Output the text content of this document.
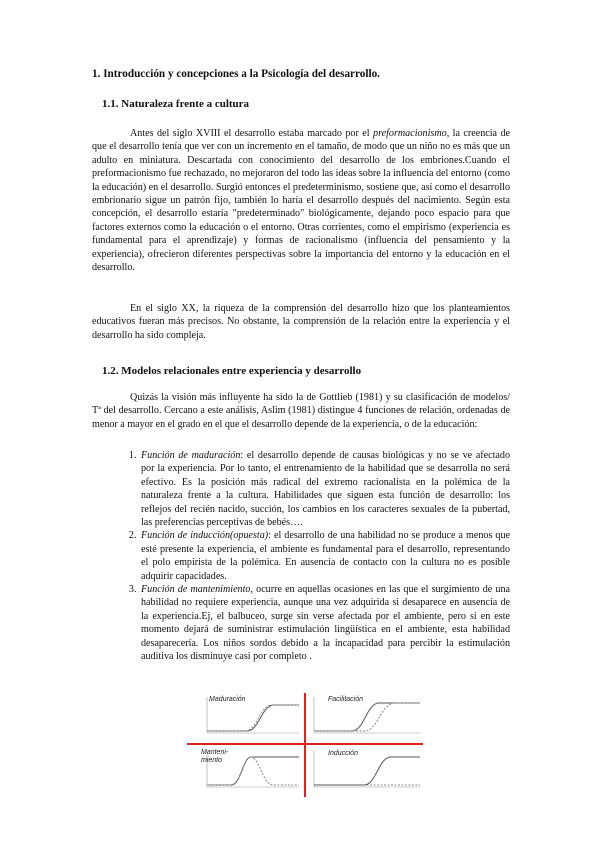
1. Introducción y concepciones a la Psicología del desarrollo.
1.1. Naturaleza frente a cultura

Antes del siglo XVIII el desarrollo estaba marcado por el preformacionismo, la creencia de que el desarrollo tenía que ver con un incremento en el tamaño, de modo que un niño no es más que un adulto en miniatura. Descartada con conocimiento del desarrollo de los embriones.Cuando el preformacionismo fue rechazado, no mejoraron del todo las ideas sobre la influencia del entorno (como la educación) en el desarrollo. Surgió entonces el predeterminismo, sostiene que, así como el desarrollo embrionario sigue un patrón fijo, también lo haría el desarrollo después del nacimiento. Según esta concepción, el desarrollo estaría "predeterminado" biológicamente, dejando poco espacio para que factores externos como la educación o el entorno. Otras corrientes, como el empirismo (experiencia es fundamental para el aprendizaje) y formas de racionalismo (influencia del pensamiento y la experiencia), ofrecieron diferentes perspectivas sobre la importancia del entorno y la educación en el desarrollo.

En el siglo XX, la riqueza de la comprensión del desarrollo hizo que los planteamientos educativos fueran más precisos. No obstante, la comprensión de la relación entre la experiencia y el desarrollo ha sido compleja.

1.2. Modelos relacionales entre experiencia y desarrollo

Quizás la visión más influyente ha sido la de Gottlieb (1981) y su clasificación de modelos/ Tª del desarrollo. Cercano a este análisis, Aslim (1981) distingue 4 funciones de relación, ordenadas de menor a mayor en el grado en el que el desarrollo depende de la experiencia, o de la educación:

1. Función de maduración: el desarrollo depende de causas biológicas y no se ve afectado por la experiencia. Por lo tanto, el entrenamiento de la habilidad que se desarrolla no será efectivo. Es la posición más radical del extremo racionalista en la polémica de la naturaleza frente a la cultura. Habilidades que siguen esta función de desarrollo: los reflejos del recién nacido, succión, los cambios en los caracteres sexuales de la pubertad, las preferencias perceptivas de bebés….
2. Función de inducción(opuesta): el desarrollo de una habilidad no se produce a menos que esté presente la experiencia, el ambiente es fundamental para el desarrollo, representando el polo empirista de la polémica. En ausencia de contacto con la cultura no es posible adquirir capacidades.
3. Función de mantenimiento, ocurre en aquellas ocasiones en las que el surgimiento de una habilidad no requiere experiencia, aunque una vez adquirida si desaparece en ausencia de la experiencia.Ej, el balbuceo, surge sin verse afectada por el ambiente, pero si en este momento dejará de suministrar estimulación lingüística en el ambiente, esta habilidad desaparecería. Los niños sordos debido a la incapacidad para percibir la estimulación auditiva los disminuye casi por completo .
Maduración	Facilitación
Manteni-
miento
Inducción
